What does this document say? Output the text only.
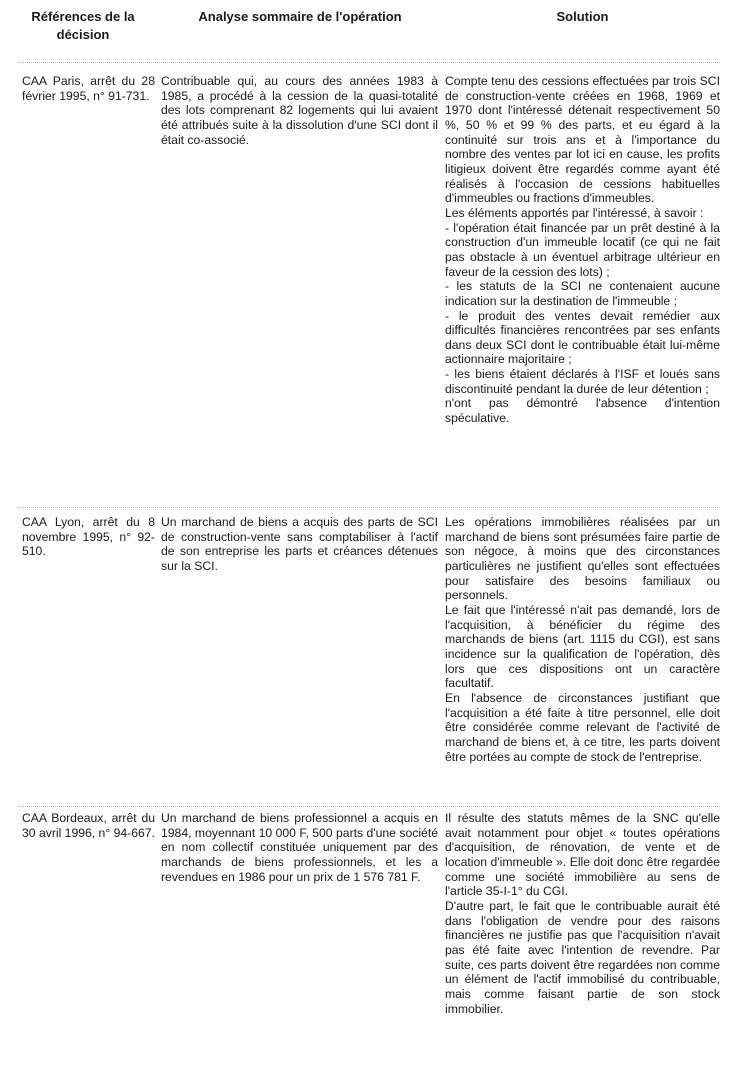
Références de la décision
Analyse sommaire de l'opération	Solution
CAA Paris, arrêt du 28 février 1995, n° 91-731.
Contribuable qui, au cours des années 1983 à 1985, a procédé à la cession de la quasi-totalité des lots comprenant 82 logements qui lui avaient été attribués suite à la dissolution d'une SCI dont il était co-associé.

Compte tenu des cessions effectuées par trois SCI de construction-vente créées en 1968, 1969 et 1970 dont l'intéressé détenait respectivement 50 %, 50 % et 99 % des parts, et eu égard à la continuité sur trois ans et à l'importance du nombre des ventes par lot ici en cause, les profits litigieux doivent être regardés comme ayant été réalisés à l'occasion de cessions habituelles d'immeubles ou fractions d'immeubles.

Les éléments apportés par l'intéressé, à savoir :

- l'opération était financée par un prêt destiné à la construction d'un immeuble locatif (ce qui ne fait pas obstacle à un éventuel arbitrage ultérieur en faveur de la cession des lots) ;

- les statuts de la SCI ne contenaient aucune indication sur la destination de l'immeuble ;

- le produit des ventes devait remédier aux difficultés financières rencontrées par ses enfants dans deux SCI dont le contribuable était lui-même actionnaire majoritaire ;

- les biens étaient déclarés à l'ISF et loués sans discontinuité pendant la durée de leur détention ;

n'ont pas démontré l'absence d'intention spéculative.

CAA Lyon, arrêt du 8 novembre 1995, n° 92-510.
Un marchand de biens a acquis des parts de SCI de construction-vente sans comptabiliser à l'actif de son entreprise les parts et créances détenues sur la SCI.

Les opérations immobilières réalisées par un marchand de biens sont présumées faire partie de son négoce, à moins que des circonstances particulières ne justifient qu'elles sont effectuées pour satisfaire des besoins familiaux ou personnels.

Le fait que l'intéressé n'ait pas demandé, lors de l'acquisition, à bénéficier du régime des marchands de biens (art. 1115 du CGI), est sans incidence sur la qualification de l'opération, dès lors que ces dispositions ont un caractère facultatif.

En l'absence de circonstances justifiant que l'acquisition a été faite à titre personnel, elle doit être considérée comme relevant de l'activité de marchand de biens et, à ce titre, les parts doivent être portées au compte de stock de l'entreprise.

CAA Bordeaux, arrêt du 30 avril 1996, n° 94-667.
Un marchand de biens professionnel a acquis en 1984, moyennant 10 000 F, 500 parts d'une société en nom collectif constituée uniquement par des marchands de biens professionnels, et les a revendues en 1986 pour un prix de 1 576 781 F.

Il résulte des statuts mêmes de la SNC qu'elle avait notamment pour objet « toutes opérations d'acquisition, de rénovation, de vente et de location d'immeuble ». Elle doit donc être regardée comme une société immobilière au sens de l'article 35-I-1° du CGI.

D'autre part, le fait que le contribuable aurait été dans l'obligation de vendre pour des raisons financières ne justifie pas que l'acquisition n'avait pas été faite avec l'intention de revendre. Par suite, ces parts doivent être regardées non comme un élément de l'actif immobilisé du contribuable, mais comme faisant partie de son stock immobilier.
